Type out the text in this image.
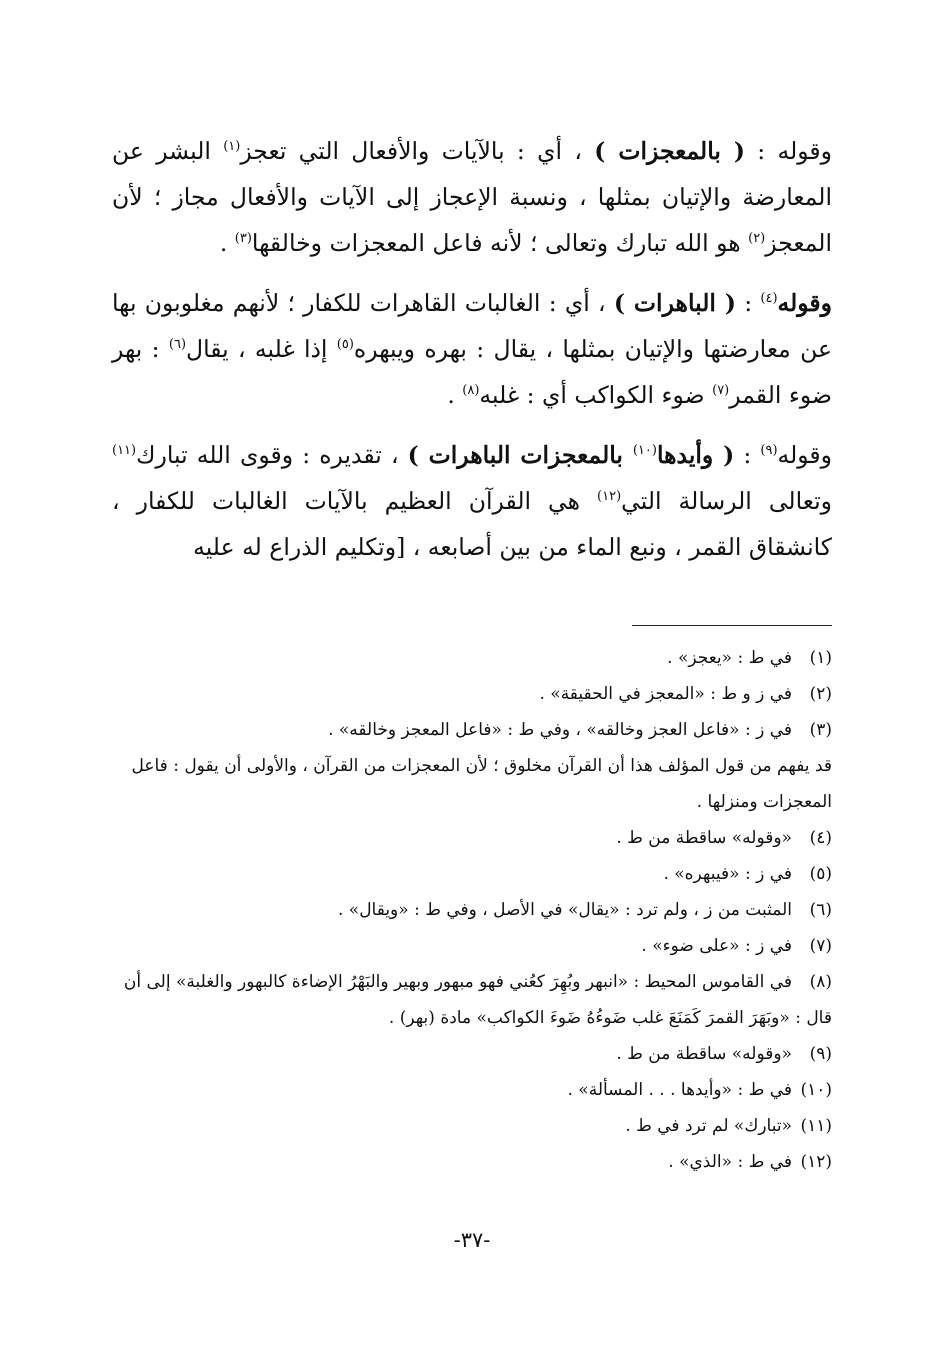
وقوله : ( بالمعجزات ) ، أي : بالآيات والأفعال التي تعجز$^{(١)}$ البشر عن المعارضة والإتيان بمثلها ، ونسبة الإعجاز إلى الآيات والأفعال مجاز ؛ لأن المعجز$^{(٢)}$ هو الله تبارك وتعالى ؛ لأنه فاعل المعجزات وخالقها$^{(٣)}$ .

وقوله$^{(٤)}$ : ( الباهرات ) ، أي : الغالبات القاهرات للكفار ؛ لأنهم مغلوبون بها عن معارضتها والإتيان بمثلها ، يقال : بهره ويبهره$^{(٥)}$ إذا غلبه ، يقال$^{(٦)}$ : بهر ضوء القمر$^{(٧)}$ ضوء الكواكب أي : غلبه$^{(٨)}$ .

وقوله$^{(٩)}$ : ( وأيدها$^{(١٠)}$ بالمعجزات الباهرات ) ، تقديره : وقوى الله تبارك$^{(١١)}$ وتعالى الرسالة التي$^{(١٢)}$ هي القرآن العظيم بالآيات الغالبات للكفار ، كانشقاق القمر ، ونبع الماء من بين أصابعه ، [وتكليم الذراع له عليه

(١)في ط : «يعجز» .

(٢)في ز و ط : «المعجز في الحقيقة» .

(٣)في ز : «فاعل العجز وخالقه» ، وفي ط : «فاعل المعجز وخالقه» .

قد يفهم من قول المؤلف هذا أن القرآن مخلوق ؛ لأن المعجزات من القرآن ، والأولى أن يقول : فاعل المعجزات ومنزلها .

(٤)«وقوله» ساقطة من ط .

(٥)في ز : «فيبهره» .

(٦)المثبت من ز ، ولم ترد : «يقال» في الأصل ، وفي ط : «ويقال» .

(٧)في ز : «على ضوء» .

(٨)في القاموس المحيط : «انبهر وبُهِرَ كعُني فهو مبهور وبهير والبَهْرُ الإضاءة كالبهور والغلبة» إلى أن قال : «وبَهَرَ القمرَ كَمَنَعَ غلب ضَوءُهُ ضَوءَ الكواكب» مادة (بهر) .

(٩)«وقوله» ساقطة من ط .

(١٠)في ط : «وأيدها . . . المسألة» .

(١١)«تبارك» لم ترد في ط .

(١٢)في ط : «الذي» .

-٣٧-
